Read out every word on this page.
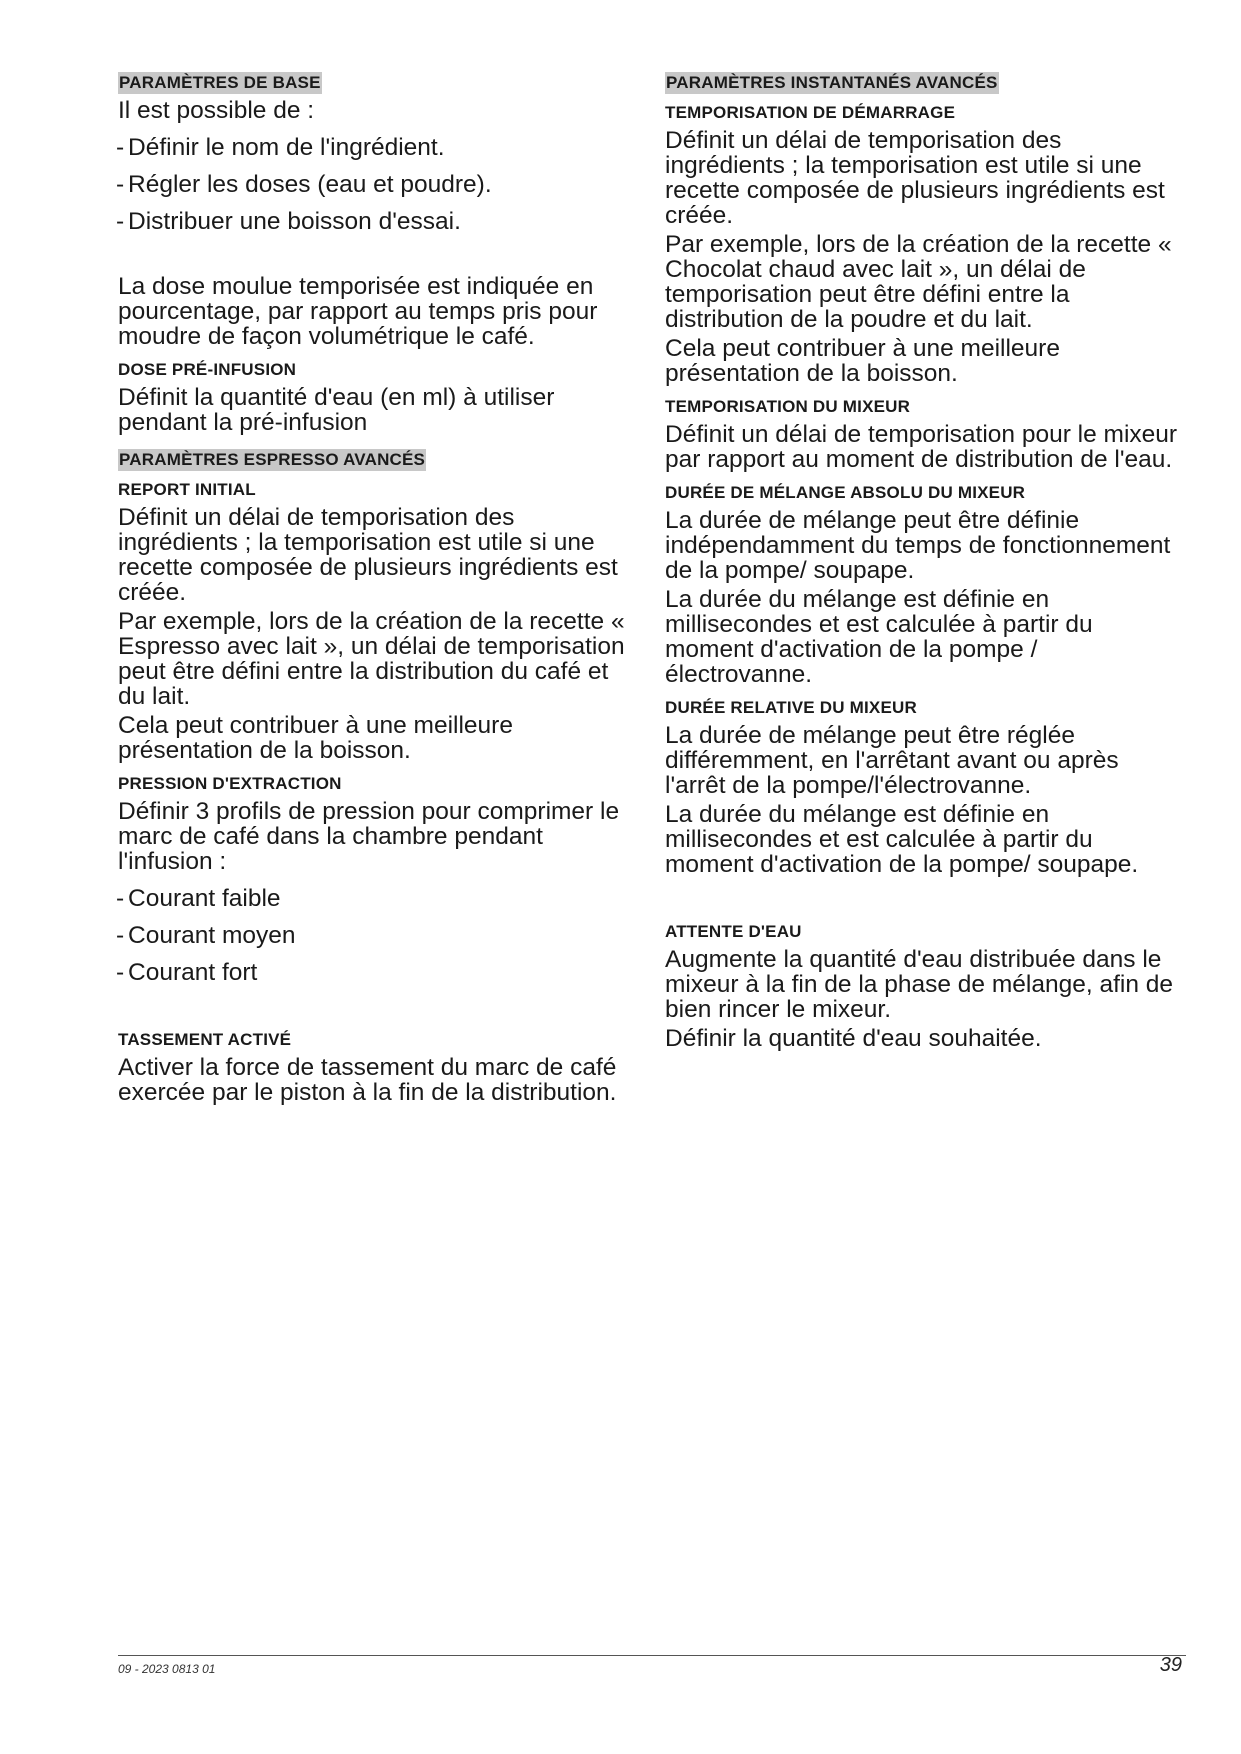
PARAMÈTRES DE BASE
Il est possible de :
- Définir le nom de l'ingrédient.
- Régler les doses (eau et poudre).
- Distribuer une boisson d'essai.
La dose moulue temporisée est indiquée en pourcentage, par rapport au temps pris pour moudre de façon volumétrique le café.
DOSE PRÉ-INFUSION
Définit la quantité d'eau (en ml) à utiliser pendant la pré-infusion
PARAMÈTRES ESPRESSO AVANCÉS
REPORT INITIAL
Définit un délai de temporisation des ingrédients ; la temporisation est utile si une recette composée de plusieurs ingrédients est créée.
Par exemple, lors de la création de la recette « Espresso avec lait », un délai de temporisation peut être défini entre la distribution du café et du lait.
Cela peut contribuer à une meilleure présentation de la boisson.
PRESSION D'EXTRACTION
Définir 3 profils de pression pour comprimer le marc de café dans la chambre pendant l'infusion :
- Courant faible
- Courant moyen
- Courant fort
TASSEMENT ACTIVÉ
Activer la force de tassement du marc de café exercée par le piston à la fin de la distribution.
PARAMÈTRES INSTANTANÉS AVANCÉS
TEMPORISATION DE DÉMARRAGE
Définit un délai de temporisation des ingrédients ; la temporisation est utile si une recette composée de plusieurs ingrédients est créée.
Par exemple, lors de la création de la recette « Chocolat chaud avec lait », un délai de temporisation peut être défini entre la distribution de la poudre et du lait.
Cela peut contribuer à une meilleure présentation de la boisson.
TEMPORISATION DU MIXEUR
Définit un délai de temporisation pour le mixeur par rapport au moment de distribution de l'eau.
DURÉE DE MÉLANGE ABSOLU DU MIXEUR
La durée de mélange peut être définie indépendamment du temps de fonctionnement de la pompe/ soupape.
La durée du mélange est définie en millisecondes et est calculée à partir du moment d'activation de la pompe / électrovanne.
DURÉE RELATIVE DU MIXEUR
La durée de mélange peut être réglée différemment, en l'arrêtant avant ou après l'arrêt de la pompe/l'électrovanne.
La durée du mélange est définie en millisecondes et est calculée à partir du moment d'activation de la pompe/ soupape.
ATTENTE D'EAU
Augmente la quantité d'eau distribuée dans le mixeur à la fin de la phase de mélange, afin de bien rincer le mixeur.
Définir la quantité d'eau souhaitée.
09 - 2023 0813 01	39
